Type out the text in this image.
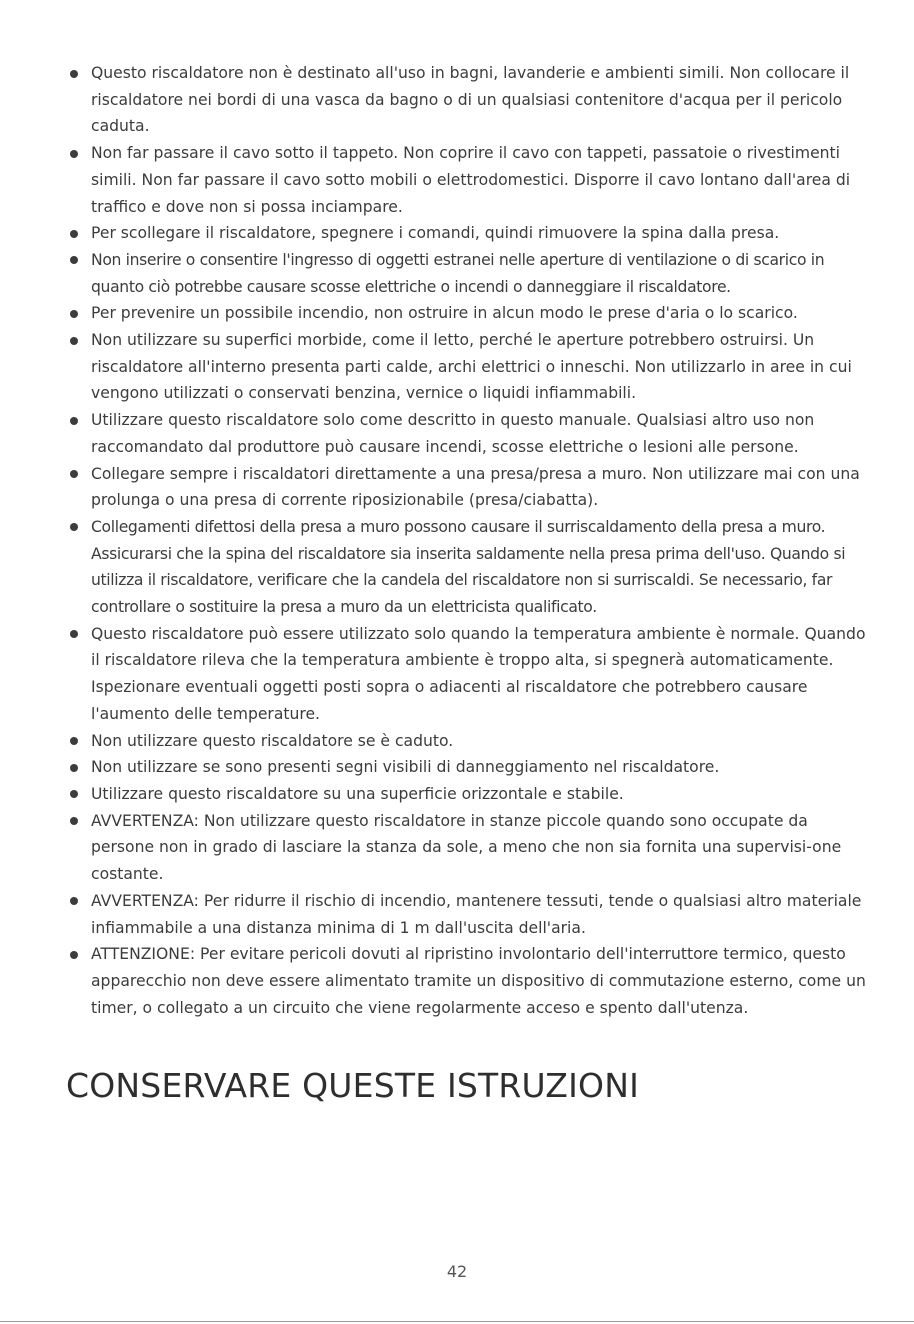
Questo riscaldatore non è destinato all'uso in bagni, lavanderie e ambienti simili. Non collocare il riscaldatore nei bordi di una vasca da bagno o di un qualsiasi contenitore d'acqua per il pericolo caduta.
Non far passare il cavo sotto il tappeto. Non coprire il cavo con tappeti, passatoie o rivestimenti simili. Non far passare il cavo sotto mobili o elettrodomestici. Disporre il cavo lontano dall'area di traffico e dove non si possa inciampare.
Per scollegare il riscaldatore, spegnere i comandi, quindi rimuovere la spina dalla presa.
Non inserire o consentire l'ingresso di oggetti estranei nelle aperture di ventilazione o di scarico in quanto ciò potrebbe causare scosse elettriche o incendi o danneggiare il riscaldatore.
Per prevenire un possibile incendio, non ostruire in alcun modo le prese d'aria o lo scarico.
Non utilizzare su superfici morbide, come il letto, perché le aperture potrebbero ostruirsi. Un riscaldatore all'interno presenta parti calde, archi elettrici o inneschi. Non utilizzarlo in aree in cui vengono utilizzati o conservati benzina, vernice o liquidi infiammabili.
Utilizzare questo riscaldatore solo come descritto in questo manuale. Qualsiasi altro uso non raccomandato dal produttore può causare incendi, scosse elettriche o lesioni alle persone.
Collegare sempre i riscaldatori direttamente a una presa/presa a muro. Non utilizzare mai con una prolunga o una presa di corrente riposizionabile (presa/ciabatta).
Collegamenti difettosi della presa a muro possono causare il surriscaldamento della presa a muro. Assicurarsi che la spina del riscaldatore sia inserita saldamente nella presa prima dell'uso. Quando si utilizza il riscaldatore, verificare che la candela del riscaldatore non si surriscaldi. Se necessario, far controllare o sostituire la presa a muro da un elettricista qualificato.
Questo riscaldatore può essere utilizzato solo quando la temperatura ambiente è normale. Quando il riscaldatore rileva che la temperatura ambiente è troppo alta, si spegnerà automaticamente. Ispezionare eventuali oggetti posti sopra o adiacenti al riscaldatore che potrebbero causare l'aumento delle temperature.
Non utilizzare questo riscaldatore se è caduto.
Non utilizzare se sono presenti segni visibili di danneggiamento nel riscaldatore.
Utilizzare questo riscaldatore su una superficie orizzontale e stabile.
AVVERTENZA: Non utilizzare questo riscaldatore in stanze piccole quando sono occupate da persone non in grado di lasciare la stanza da sole, a meno che non sia fornita una supervisi-one costante.
AVVERTENZA: Per ridurre il rischio di incendio, mantenere tessuti, tende o qualsiasi altro materiale infiammabile a una distanza minima di 1 m dall'uscita dell'aria.
ATTENZIONE: Per evitare pericoli dovuti al ripristino involontario dell'interruttore termico, questo apparecchio non deve essere alimentato tramite un dispositivo di commutazione esterno, come un timer, o collegato a un circuito che viene regolarmente acceso e spento dall'utenza.
CONSERVARE QUESTE ISTRUZIONI
42
